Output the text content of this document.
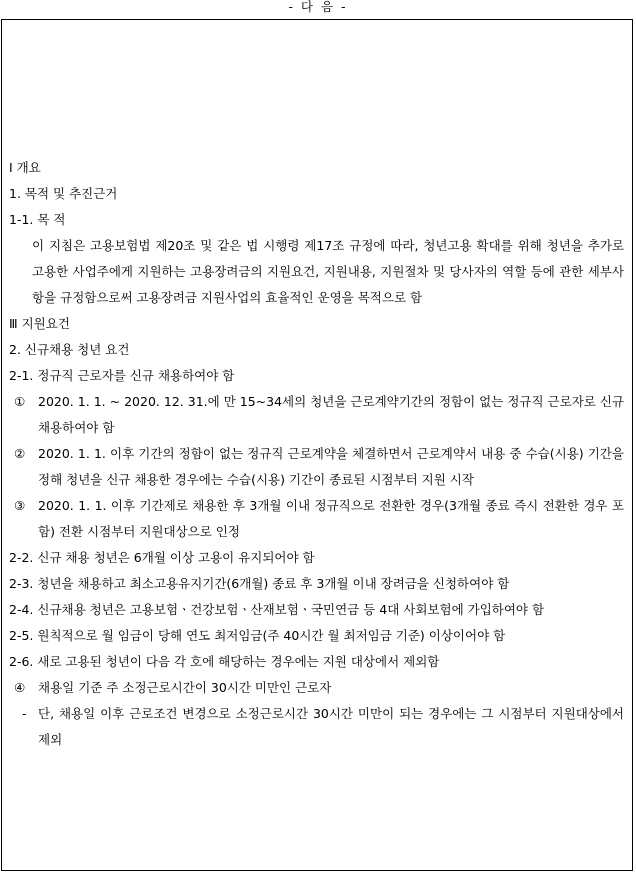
- 다 음 -
Ⅰ 개요
1. 목적 및 추진근거
1-1. 목 적
이 지침은 고용보험법 제20조 및 같은 법 시행령 제17조 규정에 따라, 청년고용 확대를 위해 청년을 추가로 고용한 사업주에게 지원하는 고용장려금의 지원요건, 지원내용, 지원절차 및 당사자의 역할 등에 관한 세부사항을 규정함으로써 고용장려금 지원사업의 효율적인 운영을 목적으로 함
Ⅲ 지원요건
2. 신규채용 청년 요건
2-1. 정규직 근로자를 신규 채용하여야 함
① 2020. 1. 1. ~ 2020. 12. 31.에 만 15~34세의 청년을 근로계약기간의 정함이 없는 정규직 근로자로 신규 채용하여야 함
② 2020. 1. 1. 이후 기간의 정함이 없는 정규직 근로계약을 체결하면서 근로계약서 내용 중 수습(시용) 기간을 정해 청년을 신규 채용한 경우에는 수습(시용) 기간이 종료된 시점부터 지원 시작
③ 2020. 1. 1. 이후 기간제로 채용한 후 3개월 이내 정규직으로 전환한 경우(3개월 종료 즉시 전환한 경우 포함) 전환 시점부터 지원대상으로 인정
2-2. 신규 채용 청년은 6개월 이상 고용이 유지되어야 함
2-3. 청년을 채용하고 최소고용유지기간(6개월) 종료 후 3개월 이내 장려금을 신청하여야 함
2-4. 신규채용 청년은 고용보험ㆍ건강보험ㆍ산재보험ㆍ국민연금 등 4대 사회보험에 가입하여야 함
2-5. 원칙적으로 월 임금이 당해 연도 최저임금(주 40시간 월 최저임금 기준) 이상이어야 함
2-6. 새로 고용된 청년이 다음 각 호에 해당하는 경우에는 지원 대상에서 제외함
④ 채용일 기준 주 소정근로시간이 30시간 미만인 근로자
- 단, 채용일 이후 근로조건 변경으로 소정근로시간 30시간 미만이 되는 경우에는 그 시점부터 지원대상에서 제외
